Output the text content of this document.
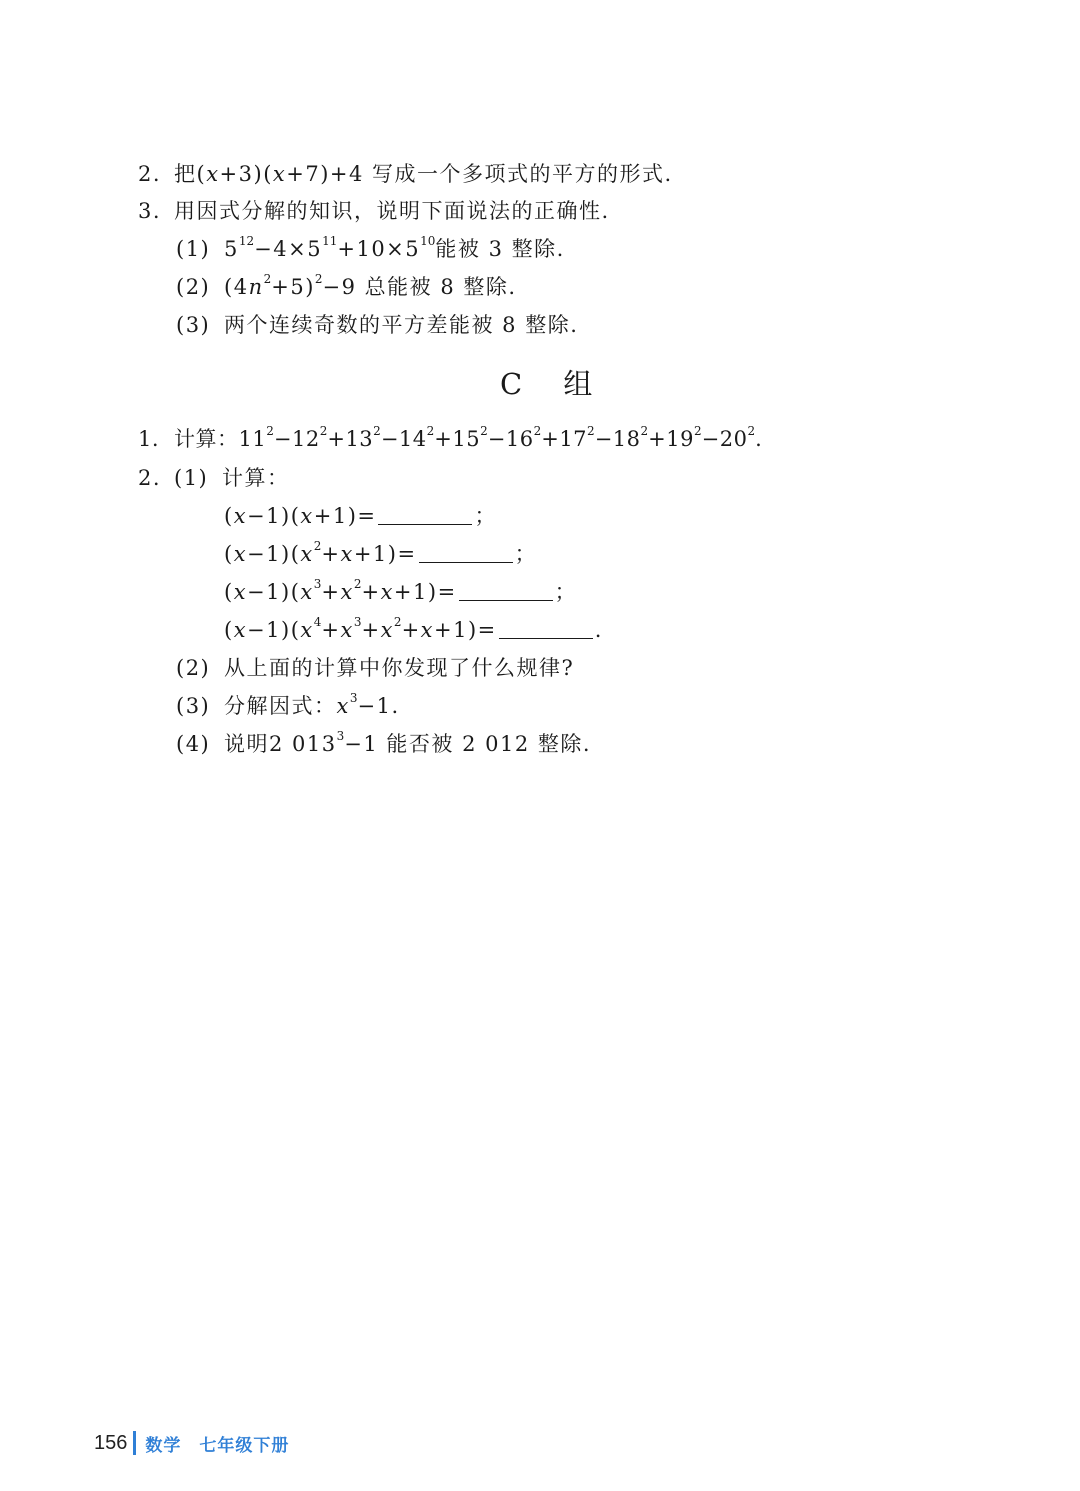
2. 把(x+3)(x+7)+4 写成一个多项式的平方的形式.
3. 用因式分解的知识，说明下面说法的正确性.
(1) $5^{12}-4\times 5^{11}+10\times 5^{10}$能被 3 整除.
(2) $(4n^2+5)^2-9$ 总能被 8 整除.
(3) 两个连续奇数的平方差能被 8 整除.
C 组
1. 计算：$11^2-12^2+13^2-14^2+15^2-16^2+17^2-18^2+19^2-20^2$.
2. (1) 计算：
(x−1)(x+1)=	；
$(x-1)(x^2+x+1)=$	；
$(x-1)(x^3+x^2+x+1)=$	；
$(x-1)(x^4+x^3+x^2+x+1)=$	.
(2) 从上面的计算中你发现了什么规律?
(3) 分解因式：$x^3-1$.
(4) 说明2 $013^3-1$ 能否被 2 012 整除.
156 数学 七年级下册
